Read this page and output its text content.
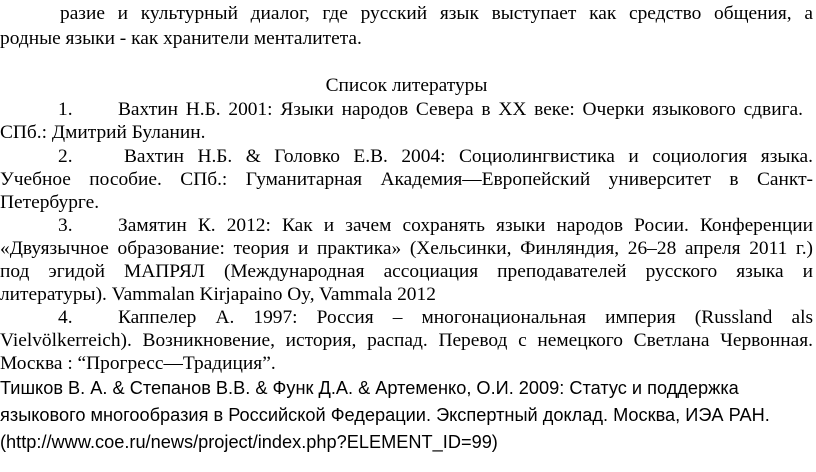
разие и культурный диалог, где русский язык выступает как средство общения, а
родные языки - как хранители менталитета.
Список литературы
1. Вахтин Н.Б. 2001: Языки народов Севера в ХХ веке: Очерки языкового сдвига.
СПб.: Дмитрий Буланин.
2.	Вахтин Н.Б. & Головко Е.В. 2004: Социолингвистика и социология языка.
Учебное пособие. СПб.: Гуманитарная Академия—Европейский университет в Санкт-
Петербурге.
3. Замятин К. 2012: Как и зачем сохранять языки народов Росии. Конференции
«Двуязычное образование: теория и практика» (Хельсинки, Финляндия, 26–28 апреля 2011 г.)
под эгидой МАПРЯЛ (Международная ассоциация преподавателей русского языка и
литературы). Vammalan Kirjapaino Oy, Vammala 2012
4. Каппелер А. 1997: Россия – многонациональная империя (Russland als
Vielvölkerreich). Возникновение, история, распад. Перевод с немецкого Светлана Червонная.
Москва : “Прогресс—Традиция”.
Тишков В. А. & Степанов В.В. & Функ Д.А. & Артеменко, О.И. 2009: Статус и поддержка
языкового многообразия в Российской Федерации. Экспертный доклад. Москва, ИЭА РАН.
(http://www.coe.ru/news/project/index.php?ELEMENT_ID=99)
